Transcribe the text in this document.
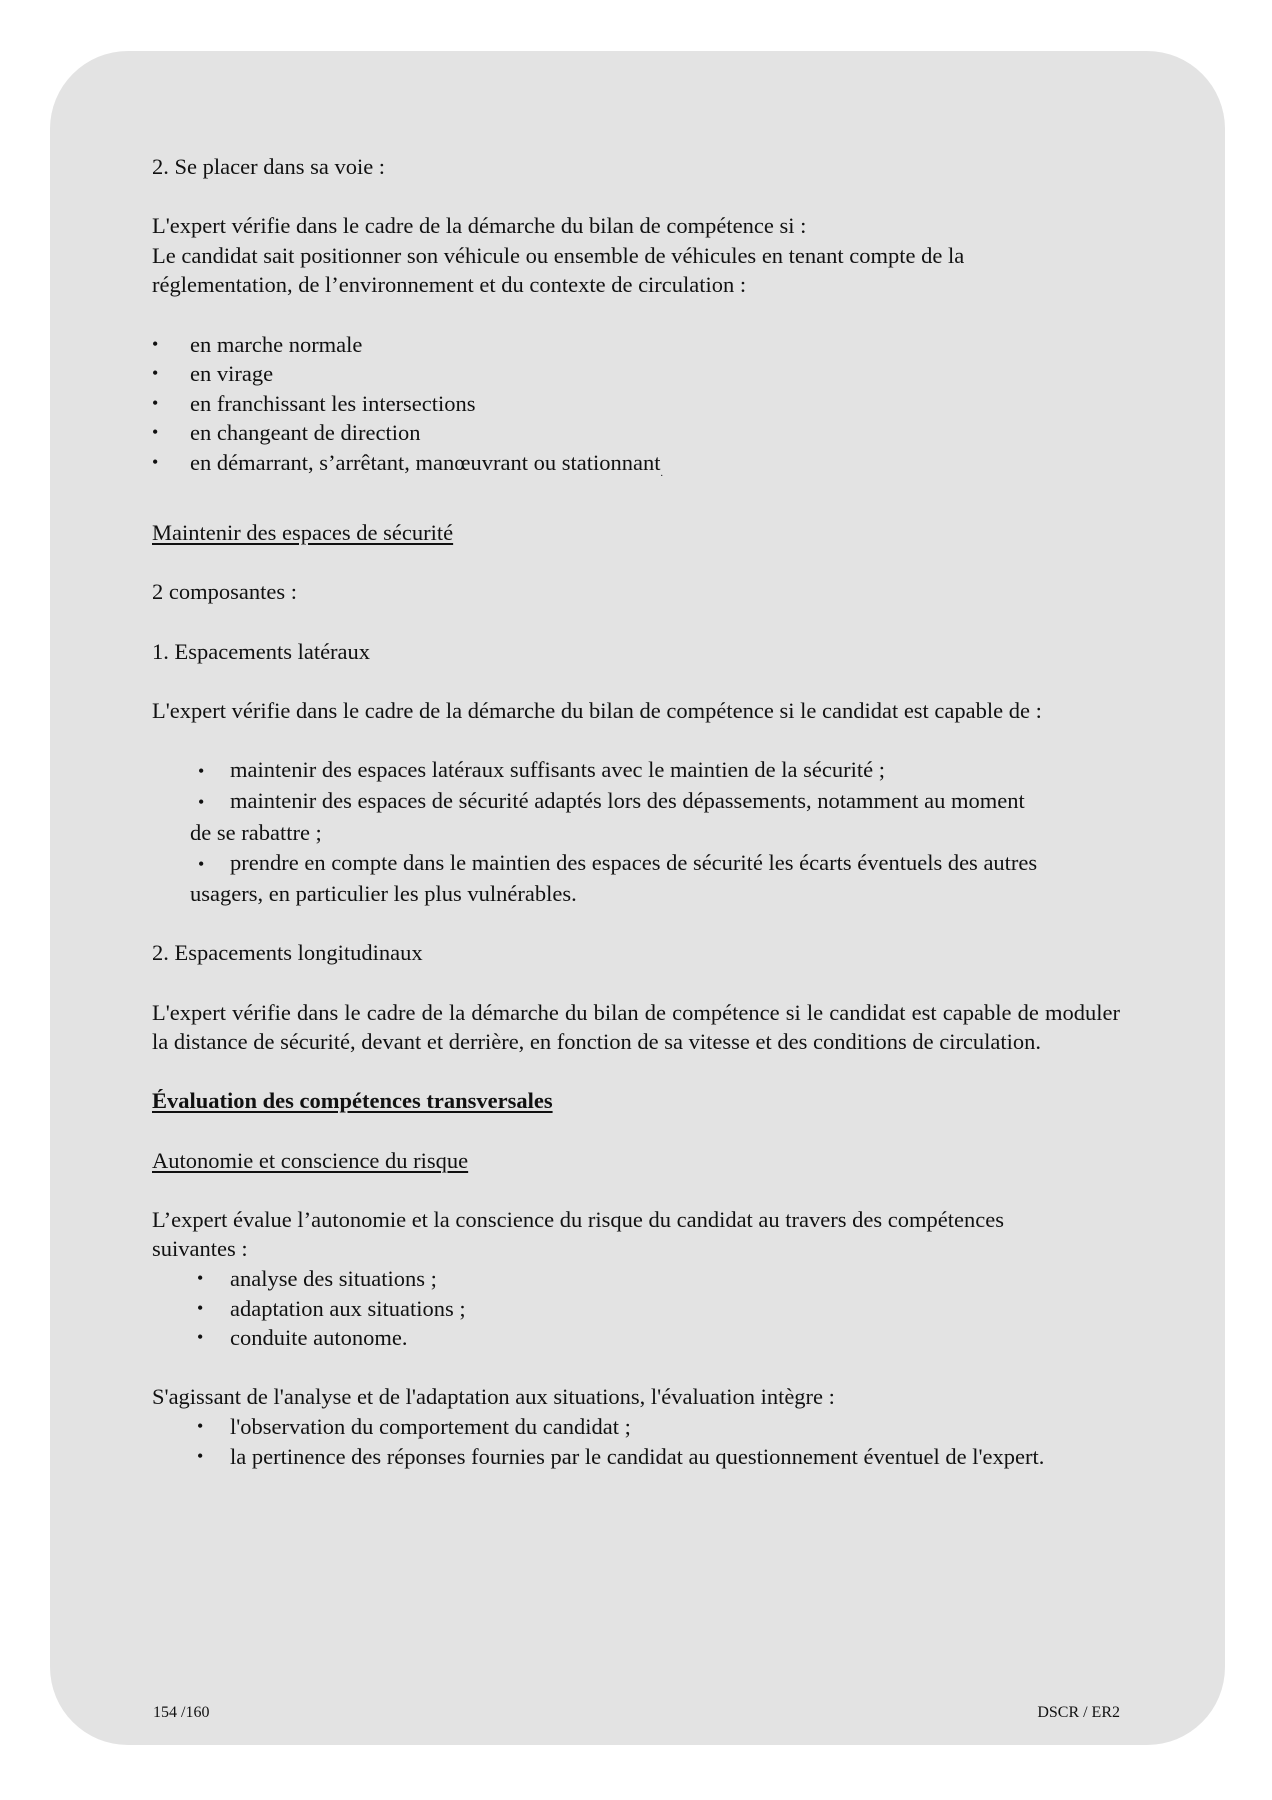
2. Se placer dans sa voie :

L'expert vérifie dans le cadre de la démarche du bilan de compétence si :

Le candidat sait positionner son véhicule ou ensemble de véhicules en tenant compte de la réglementation, de l’environnement et du contexte de circulation :

• en marche normale
• en virage
• en franchissant les intersections
• en changeant de direction
• en démarrant, s’arrêtant, manœuvrant ou stationnant$_.$

Maintenir des espaces de sécurité

2 composantes :

1. Espacements latéraux

L'expert vérifie dans le cadre de la démarche du bilan de compétence si le candidat est capable de :

• maintenir des espaces latéraux suffisants avec le maintien de la sécurité ;
• maintenir des espaces de sécurité adaptés lors des dépassements, notamment au moment de se rabattre ;
• prendre en compte dans le maintien des espaces de sécurité les écarts éventuels des autres usagers, en particulier les plus vulnérables.

2. Espacements longitudinaux

L'expert vérifie dans le cadre de la démarche du bilan de compétence si le candidat est capable de moduler la distance de sécurité, devant et derrière, en fonction de sa vitesse et des conditions de circulation.

Évaluation des compétences transversales

Autonomie et conscience du risque

L’expert évalue l’autonomie et la conscience du risque du candidat au travers des compétences suivantes :

• analyse des situations ;
• adaptation aux situations ;
• conduite autonome.

S'agissant de l'analyse et de l'adaptation aux situations, l'évaluation intègre :

• l'observation du comportement du candidat ;
• la pertinence des réponses fournies par le candidat au questionnement éventuel de l'expert.
154 /160	DSCR / ER2
